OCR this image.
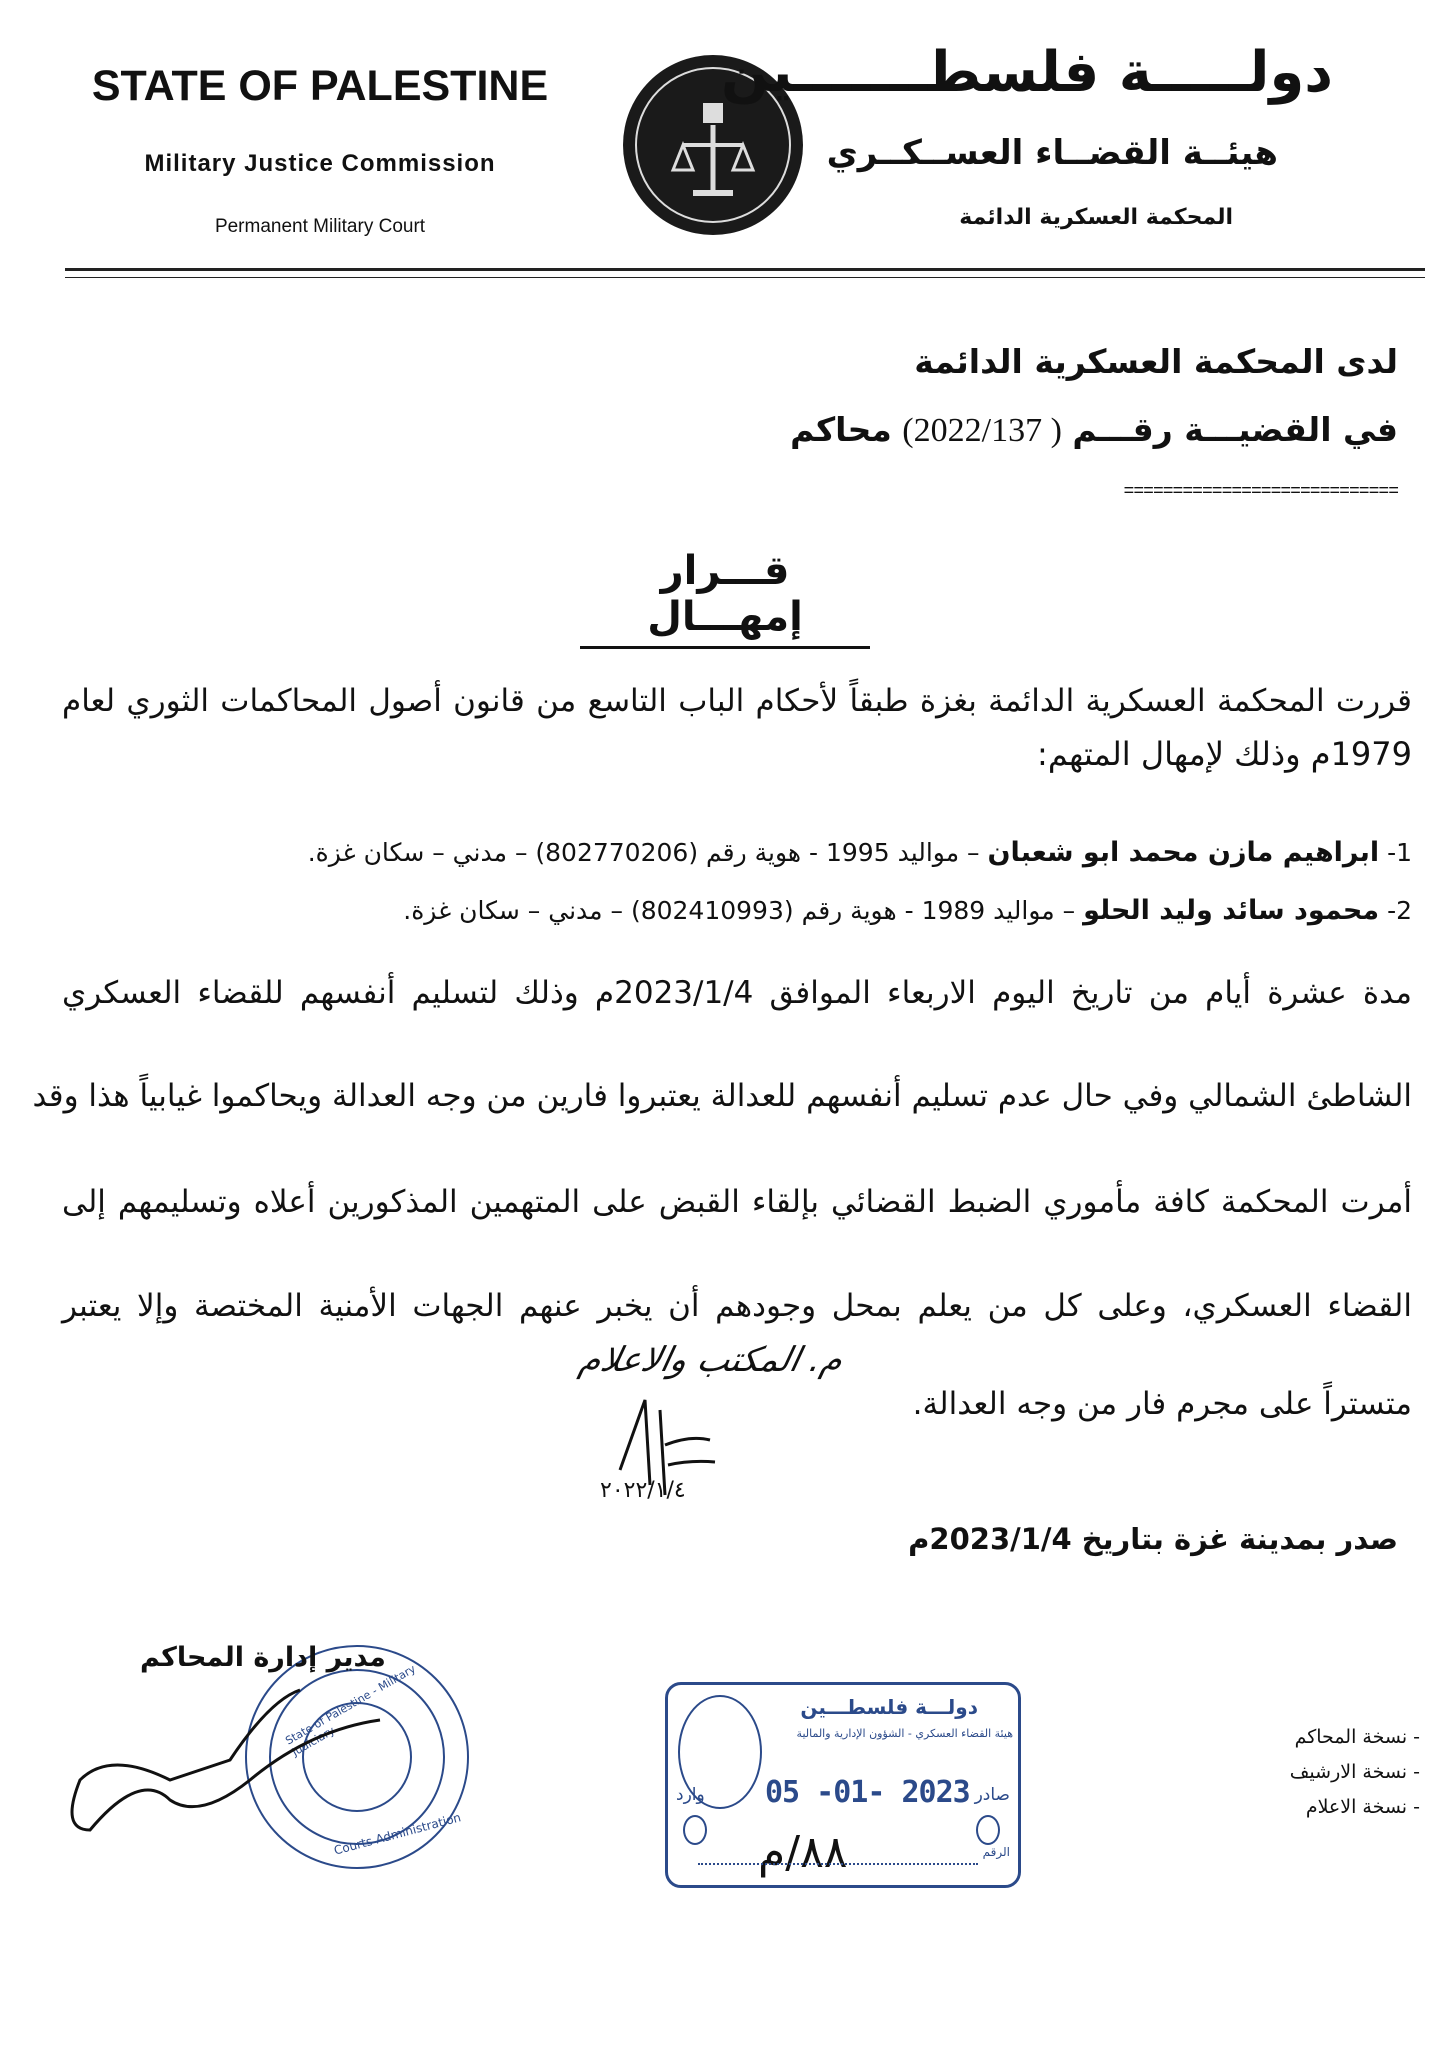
STATE OF PALESTINE
Military Justice Commission
Permanent Military Court
دولـــــة فلسطـــــــين
هيئــة القضــاء العســكــري
المحكمة العسكرية الدائمة
لدى المحكمة العسكرية الدائمة
في القضيـــة رقـــم ( 2022/137) محاكم
============================
قـــرار إمهـــال
قررت المحكمة العسكرية الدائمة بغزة طبقاً لأحكام الباب التاسع من قانون أصول المحاكمات الثوري لعام
1979م وذلك لإمهال المتهم:
1- ابراهيم مازن محمد ابو شعبان – مواليد 1995 - هوية رقم (802770206) – مدني – سكان غزة.
2- محمود سائد وليد الحلو – مواليد 1989 - هوية رقم (802410993) – مدني – سكان غزة.
مدة عشرة أيام من تاريخ اليوم الاربعاء الموافق 2023/1/4م وذلك لتسليم أنفسهم للقضاء العسكري
الشاطئ الشمالي وفي حال عدم تسليم أنفسهم للعدالة يعتبروا فارين من وجه العدالة ويحاكموا غيابياً هذا وقد
أمرت المحكمة كافة مأموري الضبط القضائي بإلقاء القبض على المتهمين المذكورين أعلاه وتسليمهم إلى
القضاء العسكري، وعلى كل من يعلم بمحل وجودهم أن يخبر عنهم الجهات الأمنية المختصة وإلا يعتبر
متستراً على مجرم فار من وجه العدالة.
م. المكتب والاعلام
٢٠٢٢/١/٤
صدر بمدينة غزة بتاريخ 2023/1/4م
State of Palestine - Military Judiciary
Courts Administration
مدير إدارة المحاكم
دولـــة فلسطـــين
هيئة القضاء العسكري - الشؤون الإدارية والمالية
05 -01- 2023 صادر
وارد
الرقم
٨٨/م
- نسخة المحاكم
- نسخة الارشيف
- نسخة الاعلام
